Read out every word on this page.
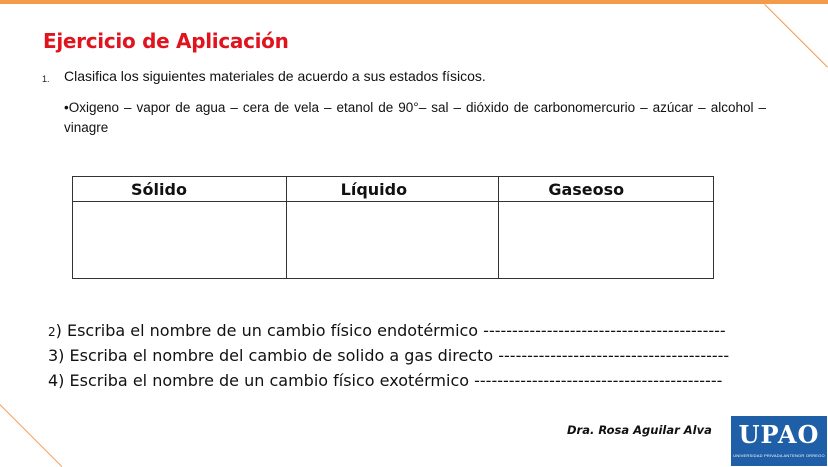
Ejercicio de Aplicación
1. Clasifica los siguientes materiales de acuerdo a sus estados físicos.
•Oxigeno – vapor de agua – cera de vela – etanol de 90°– sal – dióxido de carbonomercurio – azúcar – alcohol – vinagre
Sólido	Líquido	Gaseoso

2) Escriba el nombre de un cambio físico endotérmico ------------------------------------------
3) Escriba el nombre del cambio de solido a gas directo ----------------------------------------
4) Escriba el nombre de un cambio físico exotérmico -------------------------------------------
Dra. Rosa Aguilar Alva	UPAO
UNIVERSIDAD PRIVADA ANTENOR ORREGO
